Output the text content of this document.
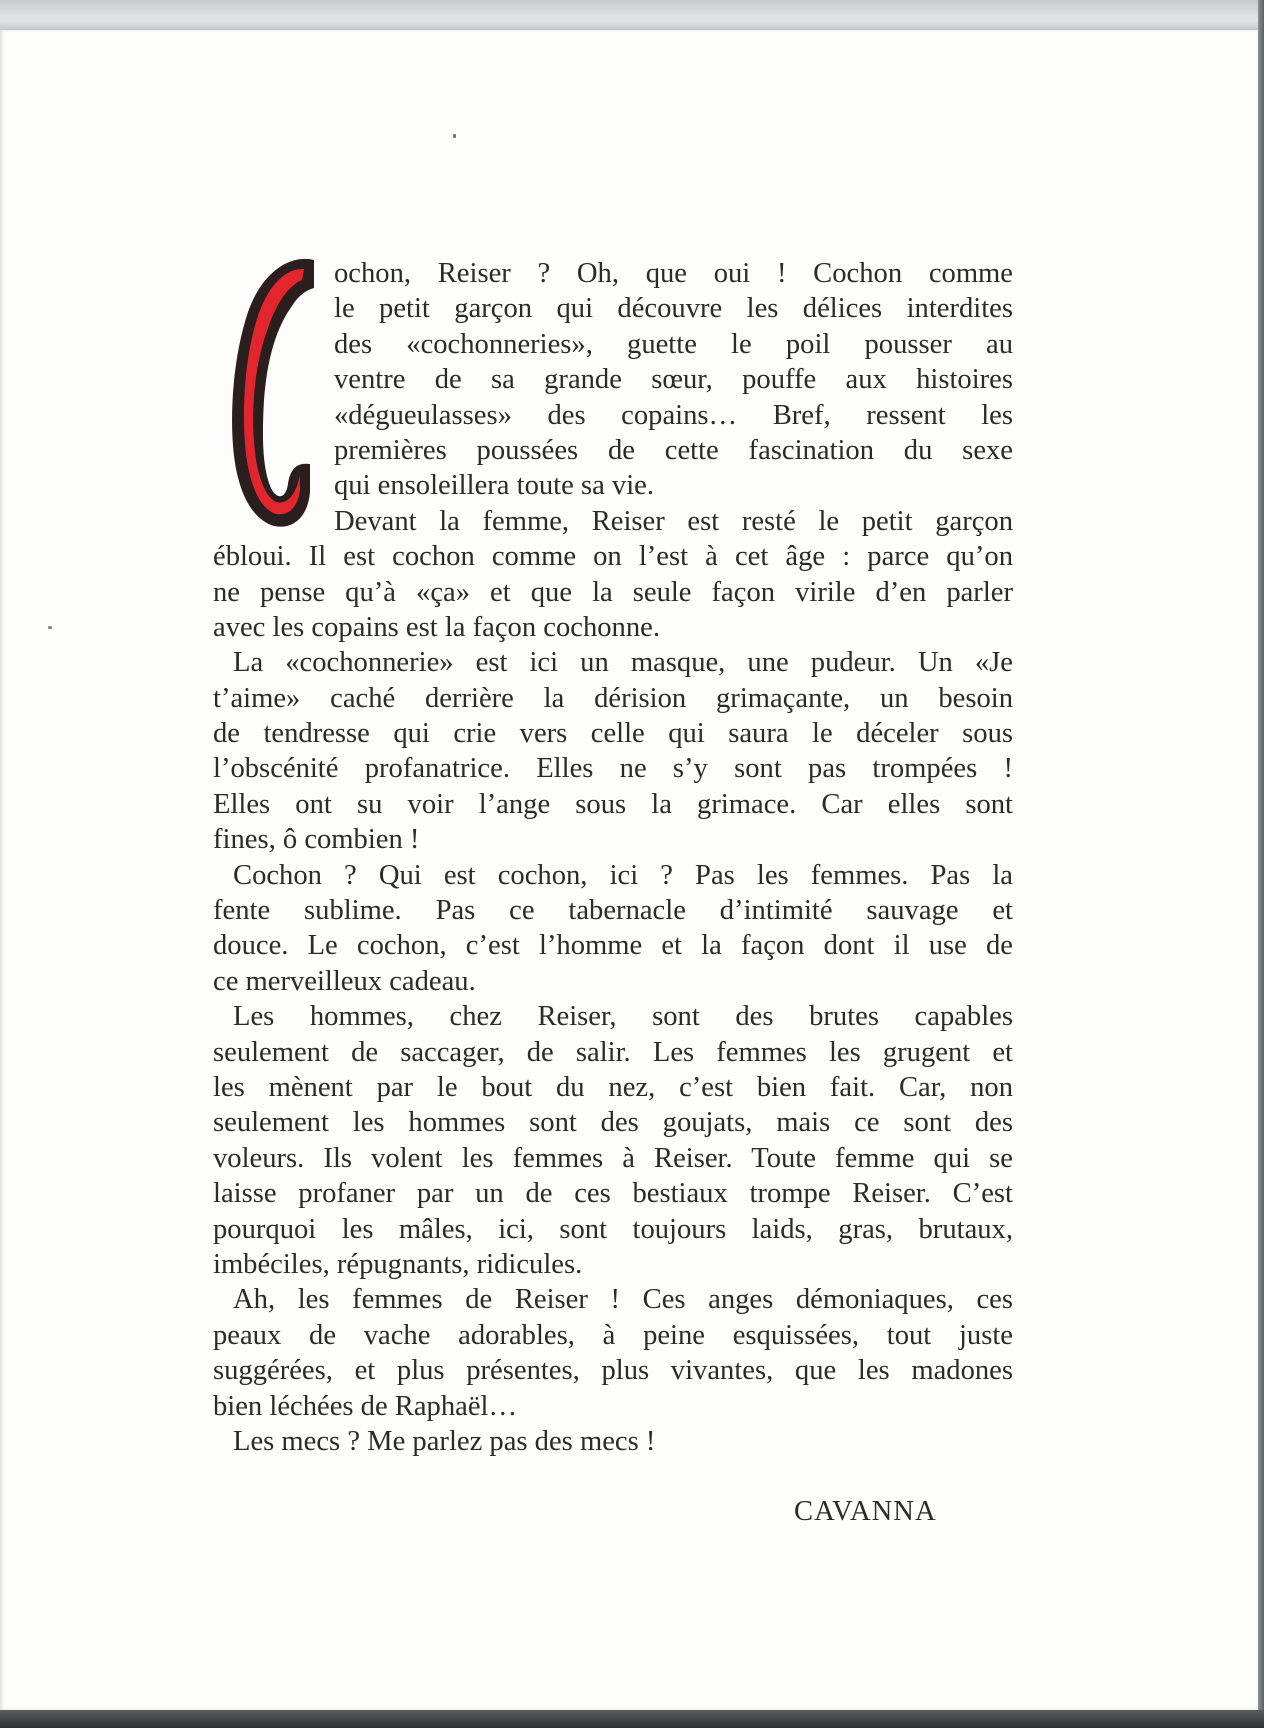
ochon, Reiser ? Oh, que oui ! Cochon comme
le petit garçon qui découvre les délices interdites
des «cochonneries», guette le poil pousser au
ventre de sa grande sœur, pouffe aux histoires
«dégueulasses» des copains… Bref, ressent les
premières poussées de cette fascination du sexe
qui ensoleillera toute sa vie.
Devant la femme, Reiser est resté le petit garçon
ébloui. Il est cochon comme on l’est à cet âge : parce qu’on
ne pense qu’à «ça» et que la seule façon virile d’en parler
avec les copains est la façon cochonne.
La «cochonnerie» est ici un masque, une pudeur. Un «Je
t’aime» caché derrière la dérision grimaçante, un besoin
de tendresse qui crie vers celle qui saura le déceler sous
l’obscénité profanatrice. Elles ne s’y sont pas trompées !
Elles ont su voir l’ange sous la grimace. Car elles sont
fines, ô combien !
Cochon ? Qui est cochon, ici ? Pas les femmes. Pas la
fente sublime. Pas ce tabernacle d’intimité sauvage et
douce. Le cochon, c’est l’homme et la façon dont il use de
ce merveilleux cadeau.
Les hommes, chez Reiser, sont des brutes capables
seulement de saccager, de salir. Les femmes les grugent et
les mènent par le bout du nez, c’est bien fait. Car, non
seulement les hommes sont des goujats, mais ce sont des
voleurs. Ils volent les femmes à Reiser. Toute femme qui se
laisse profaner par un de ces bestiaux trompe Reiser. C’est
pourquoi les mâles, ici, sont toujours laids, gras, brutaux,
imbéciles, répugnants, ridicules.
Ah, les femmes de Reiser ! Ces anges démoniaques, ces
peaux de vache adorables, à peine esquissées, tout juste
suggérées, et plus présentes, plus vivantes, que les madones
bien léchées de Raphaël…
Les mecs ? Me parlez pas des mecs !
CAVANNA
